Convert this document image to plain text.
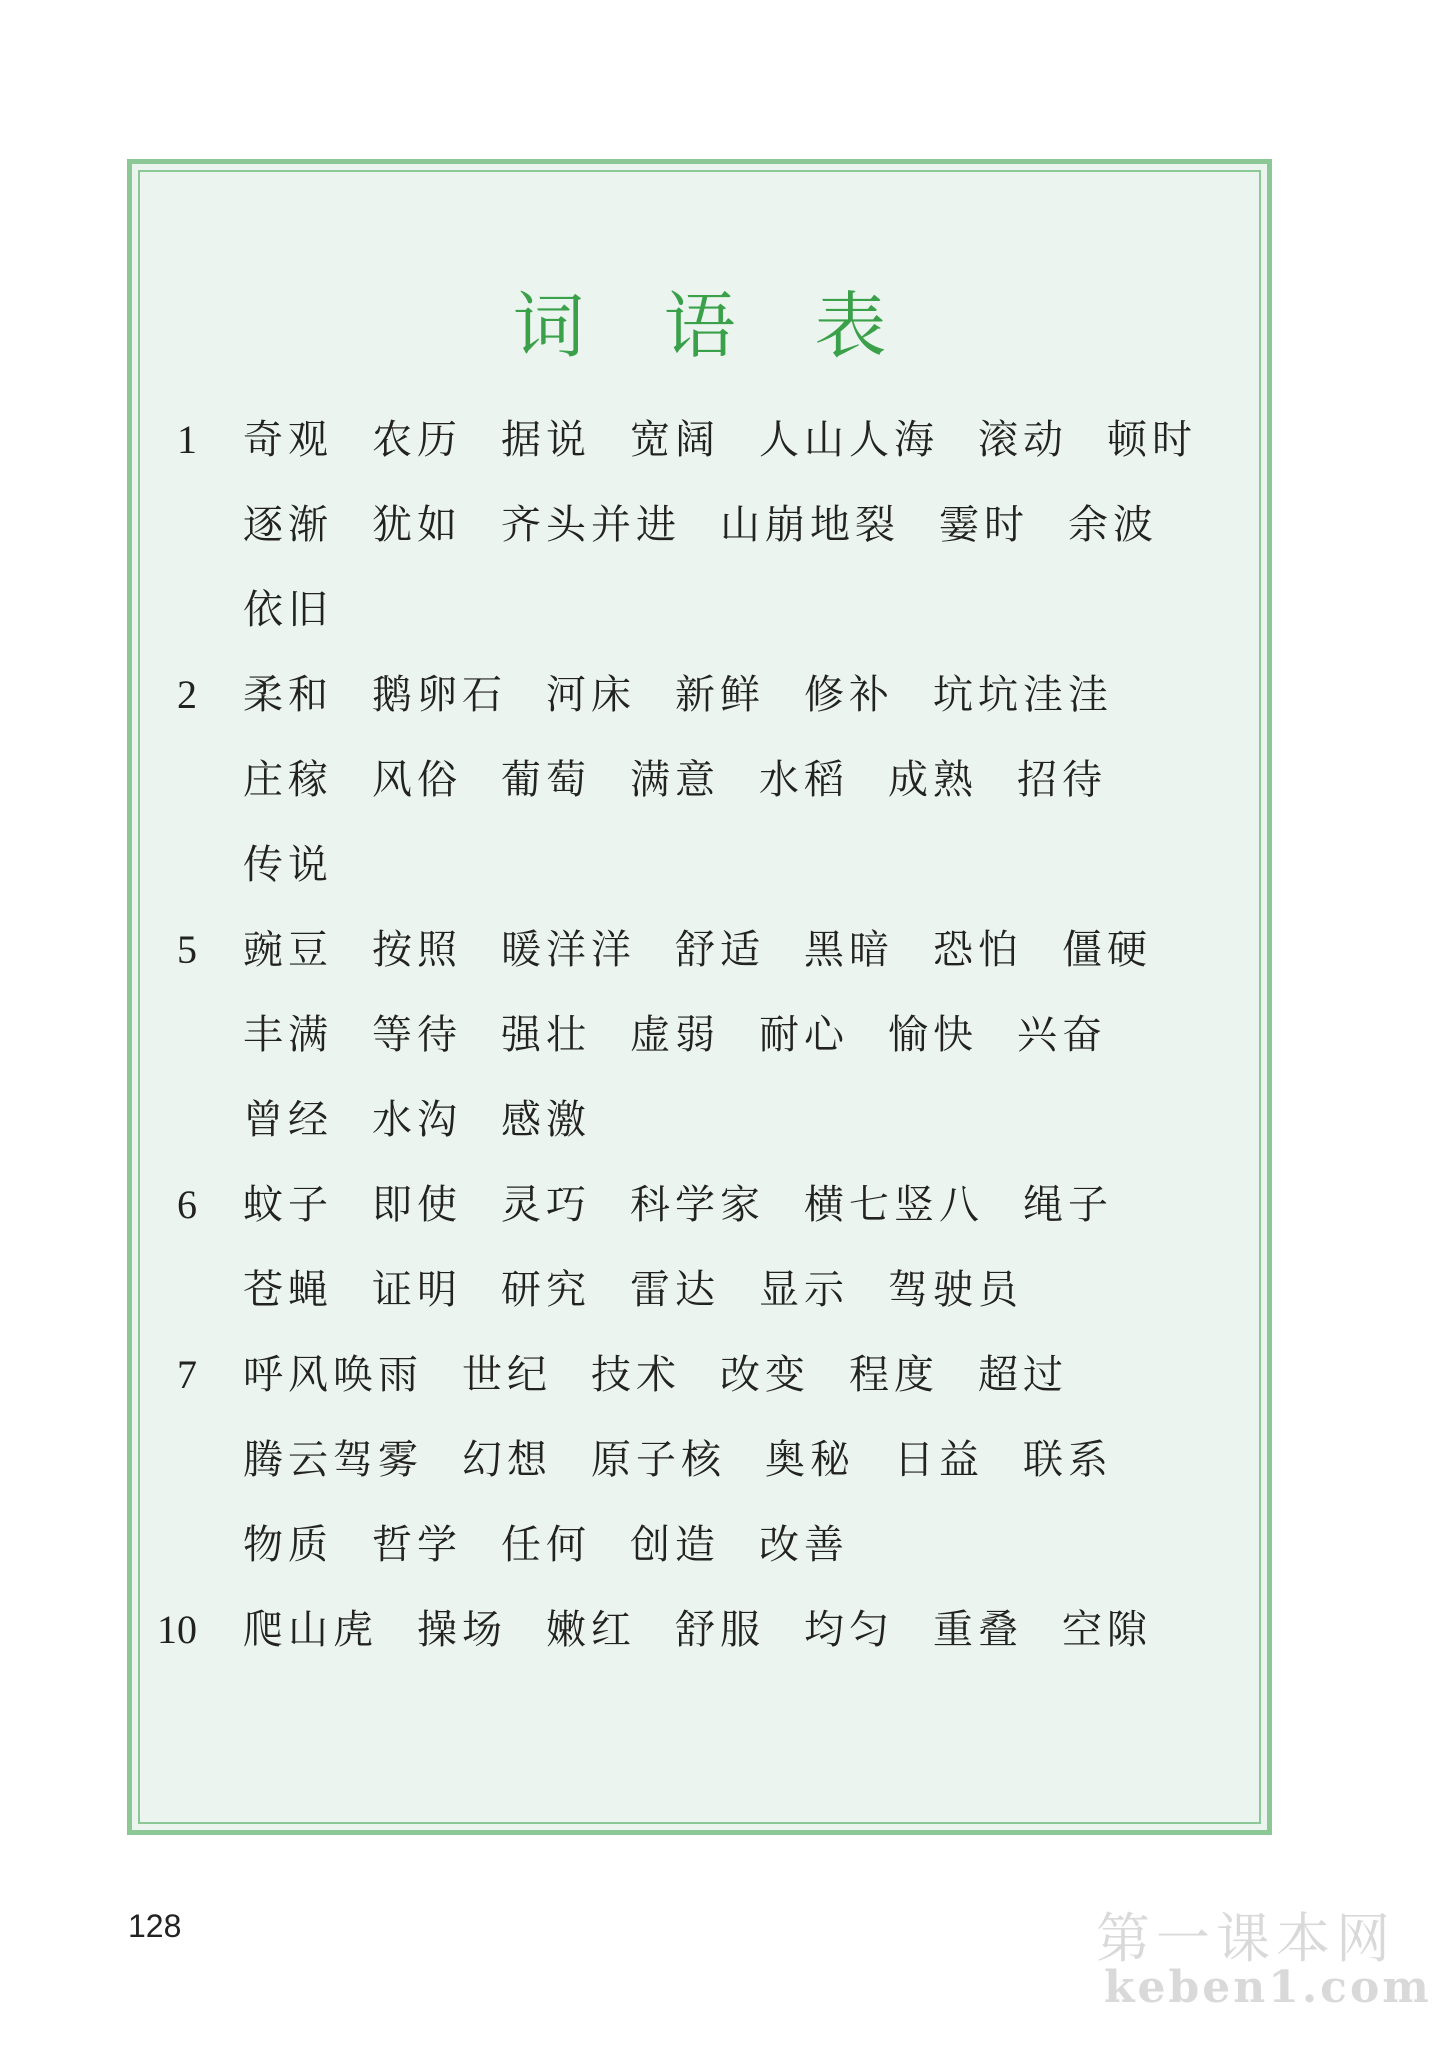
词 语 表
1 奇观 农历 据说 宽阔 人山人海 滚动 顿时
逐渐 犹如 齐头并进 山崩地裂 霎时 余波
依旧
2 柔和 鹅卵石 河床 新鲜 修补 坑坑洼洼
庄稼 风俗 葡萄 满意 水稻 成熟 招待
传说
5 豌豆 按照 暖洋洋 舒适 黑暗 恐怕 僵硬
丰满 等待 强壮 虚弱 耐心 愉快 兴奋
曾经 水沟 感激
6 蚊子 即使 灵巧 科学家 横七竖八 绳子
苍蝇 证明 研究 雷达 显示 驾驶员
7 呼风唤雨 世纪 技术 改变 程度 超过
腾云驾雾 幻想 原子核 奥秘 日益 联系
物质 哲学 任何 创造 改善
10 爬山虎 操场 嫩红 舒服 均匀 重叠 空隙
128	第一课本网
keben1.com
